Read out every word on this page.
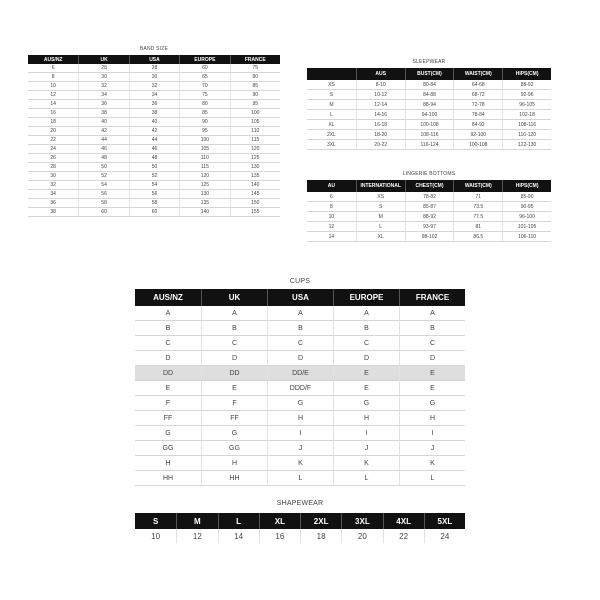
BAND SIZE
AUS/NZ	UK	USA	EUROPE	FRANCE
6	28	28	60	75
8	30	30	65	80
10	32	32	70	85
12	34	34	75	90
14	36	36	80	95
16	38	38	85	100
18	40	40	90	105
20	42	42	95	110
22	44	44	100	115
24	46	46	105	120
26	48	48	110	125
28	50	50	115	130
30	52	52	120	135
32	54	54	125	140
34	56	56	130	145
36	58	58	135	150
38	60	60	140	155
SLEEPWEAR
	AUS	BUST(CM)	WAIST(CM)	HIPS(CM)
XS	8-10	80-84	64-68	88-92
S	10-12	84-88	68-72	92-96
M	12-14	88-94	72-78	96-105
L	14-16	94-100	78-84	102-18
XL	16-18	100-108	84-92	108-116
2XL	18-20	108-116	92-100	116-120
3XL	20-22	116-124	100-108	122-130
LINGERIE BOTTOMS
AU	INTERNATIONAL	CHEST(CM)	WAIST(CM)	HIPS(CM)
6	XS	78-82	71	85-90
8	S	85-87	73.5	90-95
10	M	88-92	77.5	96-100
12	L	93-97	81	101-105
14	XL	98-102	86.5	106-110
CUPS
AUS/NZ	UK	USA	EUROPE	FRANCE
A	A	A	A	A
B	B	B	B	B
C	C	C	C	C
D	D	D	D	D
DD	DD	DD/E	E	E
E	E	DDD/F	E	E
F	F	G	G	G
FF	FF	H	H	H
G	G	I	I	I
GG	GG	J	J	J
H	H	K	K	K
HH	HH	L	L	L
SHAPEWEAR
S	M	L	XL	2XL	3XL	4XL	5XL
10	12	14	16	18	20	22	24
